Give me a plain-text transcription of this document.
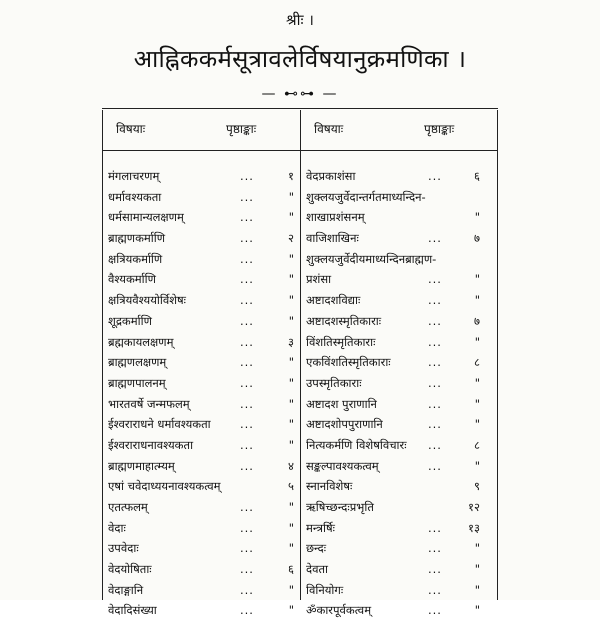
श्रीः ।
आह्निककर्मसूत्रावलेर्विषयानुक्रमणिका ।
— ⊷⊶ —
विषयाः	पृष्ठाङ्काः	विषयाः	पृष्ठाङ्काः
मंगलाचरणम्	...	१
धर्मावश्यकता	...	"
धर्मसामान्यलक्षणम्	...	"
ब्राह्मणकर्माणि	...	२
क्षत्रियकर्माणि	...	"
वैश्यकर्माणि	...	"
क्षत्रियवैश्ययोर्विशेषः	...	"
शूद्रकर्माणि	...	"
ब्रह्मकायलक्षणम्	...	३
ब्राह्मणलक्षणम्	...	"
ब्राह्मणपालनम्	...	"
भारतवर्षे जन्मफलम्	...	"
ईश्वराराधने धर्मावश्यकता	...	"
ईश्वराराधनावश्यकता	...	"
ब्राह्मणमाहात्म्यम्	...	४
एषां चवेदाध्ययनावश्यकत्वम्	५
एतत्फलम्	...	"
वेदाः	...	"
उपवेदाः	...	"
वेदयोषिताः	...	६
वेदाङ्गानि	...	"
वेदादिसंख्या	...	"
वेदप्रकाशंसा	...	६
शुक्लयजुर्वेदान्तर्गतमाध्यन्दिन-
शाखाप्रशंसनम्	"
वाजिशाखिनः	...	७
शुक्लयजुर्वेदीयमाध्यन्दिनब्राह्मण-
प्रशंसा	...	"
अष्टादशविद्याः	...	"
अष्टादशस्मृतिकाराः	...	७
विंशतिस्मृतिकाराः	...	"
एकविंशतिस्मृतिकाराः	...	८
उपस्मृतिकाराः	...	"
अष्टादश पुराणानि	...	"
अष्टादशोपपुराणानि	...	"
नित्यकर्मणि विशेषविचारः ...	८
सङ्कल्पावश्यकत्वम्	...	"
स्नानविशेषः	९
ऋषिच्छन्दःप्रभृति	१२
मन्त्रर्षिः	... १३
छन्दः	...	"
देवता	...	"
विनियोगः	...	"
ॐकारपूर्वकत्वम्	...	"
